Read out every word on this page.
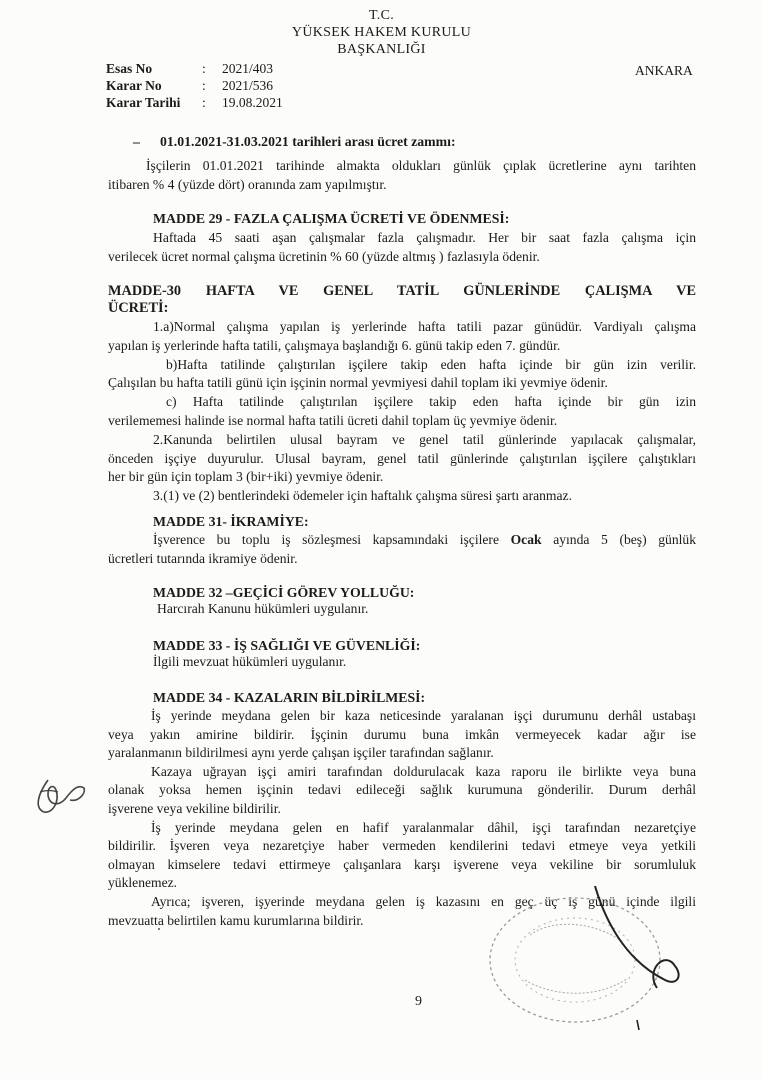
T.C.
YÜKSEK HAKEM KURULU
BAŞKANLIĞI
Esas No	: 2021/403
Karar No	: 2021/536
Karar Tarihi : 19.08.2021
ANKARA
– 01.01.2021-31.03.2021 tarihleri arası ücret zammı:
İşçilerin 01.01.2021 tarihinde almakta oldukları günlük çıplak ücretlerine aynı tarihten
itibaren % 4 (yüzde dört) oranında zam yapılmıştır.
MADDE 29 - FAZLA ÇALIŞMA ÜCRETİ VE ÖDENMESİ:
Haftada 45 saati aşan çalışmalar fazla çalışmadır. Her bir saat fazla çalışma için
verilecek ücret normal çalışma ücretinin % 60 (yüzde altmış ) fazlasıyla ödenir.
MADDE-30 HAFTA VE GENEL TATİL GÜNLERİNDE ÇALIŞMA VE
ÜCRETİ:
1.a)Normal çalışma yapılan iş yerlerinde hafta tatili pazar günüdür. Vardiyalı çalışma
yapılan iş yerlerinde hafta tatili, çalışmaya başlandığı 6. günü takip eden 7. gündür.
b)Hafta tatilinde çalıştırılan işçilere takip eden hafta içinde bir gün izin verilir.
Çalışılan bu hafta tatili günü için işçinin normal yevmiyesi dahil toplam iki yevmiye ödenir.
c) Hafta tatilinde çalıştırılan işçilere takip eden hafta içinde bir gün izin
verilememesi halinde ise normal hafta tatili ücreti dahil toplam üç yevmiye ödenir.
2.Kanunda belirtilen ulusal bayram ve genel tatil günlerinde yapılacak çalışmalar,
önceden işçiye duyurulur. Ulusal bayram, genel tatil günlerinde çalıştırılan işçilere çalıştıkları
her bir gün için toplam 3 (bir+iki) yevmiye ödenir.
3.(1) ve (2) bentlerindeki ödemeler için haftalık çalışma süresi şartı aranmaz.
MADDE 31- İKRAMİYE:
İşverence bu toplu iş sözleşmesi kapsamındaki işçilere Ocak ayında 5 (beş) günlük
ücretleri tutarında ikramiye ödenir.
MADDE 32 –GEÇİCİ GÖREV YOLLUĞU:
Harcırah Kanunu hükümleri uygulanır.
MADDE 33 - İŞ SAĞLIĞI VE GÜVENLİĞİ:
İlgili mevzuat hükümleri uygulanır.
MADDE 34 - KAZALARIN BİLDİRİLMESİ:
İş yerinde meydana gelen bir kaza neticesinde yaralanan işçi durumunu derhâl ustabaşı
veya yakın amirine bildirir. İşçinin durumu buna imkân vermeyecek kadar ağır ise
yaralanmanın bildirilmesi aynı yerde çalışan işçiler tarafından sağlanır.
Kazaya uğrayan işçi amiri tarafından doldurulacak kaza raporu ile birlikte veya buna
olanak yoksa hemen işçinin tedavi edileceği sağlık kurumuna gönderilir. Durum derhâl
işverene veya vekiline bildirilir.
İş yerinde meydana gelen en hafif yaralanmalar dâhil, işçi tarafından nezaretçiye
bildirilir. İşveren veya nezaretçiye haber vermeden kendilerini tedavi etmeye veya yetkili
olmayan kimselere tedavi ettirmeye çalışanlara karşı işverene veya vekiline bir sorumluluk
yüklenemez.
Ayrıca; işveren, işyerinde meydana gelen iş kazasını en geç üç iş günü içinde ilgili
mevzuatta belirtilen kamu kurumlarına bildirir.
9
